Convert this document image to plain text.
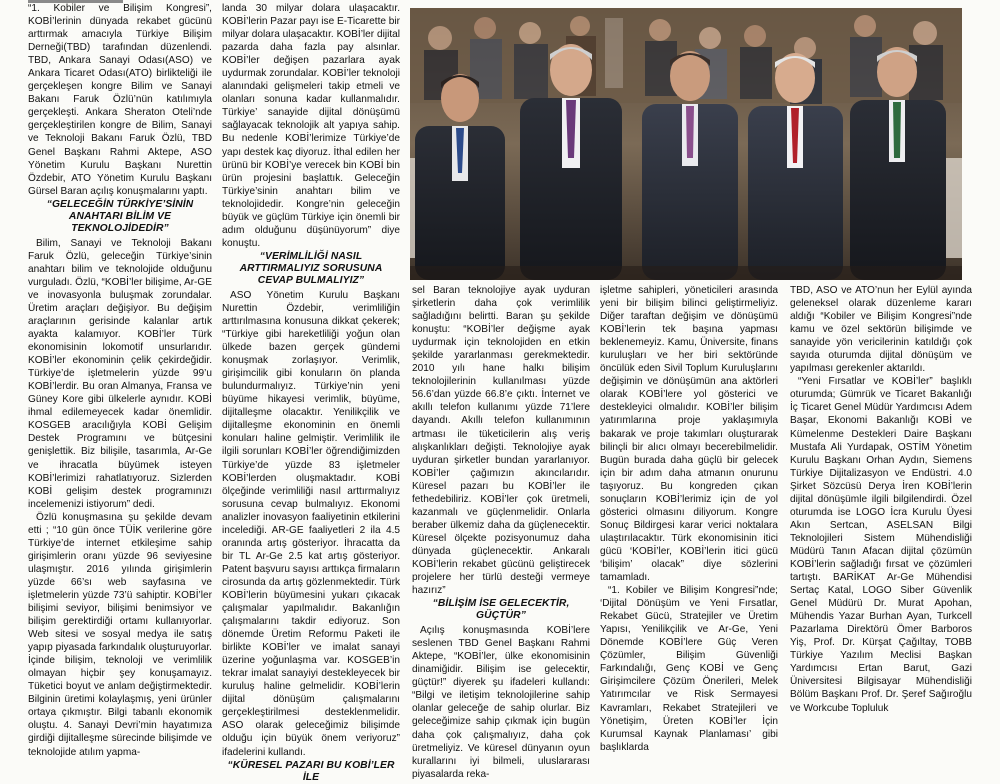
“1. Kobiler ve Bilişim Kongresi”, KOBİ’lerinin dünyada rekabet gücünü arttırmak amacıyla Türkiye Bilişim Derneği(TBD) tarafından düzenlendi. TBD, Ankara Sanayi Odası(ASO) ve Ankara Ticaret Odası(ATO) birlikteliği ile gerçekleşen kongre Bilim ve Sanayi Bakanı Faruk Özlü’nün katılımıyla gerçekleşti. Ankara Sheraton Oteli’nde gerçekleştirilen kongre de Bilim, Sanayi ve Teknoloji Bakanı Faruk Özlü, TBD Genel Başkanı Rahmi Aktepe, ASO Yönetim Kurulu Başkanı Nurettin Özdebir, ATO Yönetim Kurulu Başkanı Gürsel Baran açılış konuşmalarını yaptı.

“GELECEĞİN TÜRKİYE’SİNİN ANAHTARI BİLİM VE TEKNOLOJİDEDİR”

Bilim, Sanayi ve Teknoloji Bakanı Faruk Özlü, geleceğin Türkiye’sinin anahtarı bilim ve teknolojide olduğunu vurguladı. Özlü, “KOBİ’ler bilişime, Ar-GE ve inovasyonla buluşmak zorundalar. Üretim araçları değişiyor. Bu değişim araçlarının gerisinde kalanlar artık ayakta kalamıyor. KOBİ’ler Türk ekonomisinin lokomotif unsurlarıdır. KOBİ’ler ekonominin çelik çekirdeğidir. Türkiye’de işletmelerin yüzde 99’u KOBİ’lerdir. Bu oran Almanya, Fransa ve Güney Kore gibi ülkelerle aynıdır. KOBİ ihmal edilemeyecek kadar önemlidir. KOSGEB aracılığıyla KOBİ Gelişim Destek Programını ve bütçesini genişlettik. Biz bilişile, tasarımla, Ar-Ge ve ihracatla büyümek isteyen KOBİ’lerimizi rahatlatıyoruz. Sizlerden KOBİ gelişim destek programınızı incelemenizi istiyorum” dedi.

Özlü konuşmasına şu şekilde devam etti ; “10 gün önce TÜİK verilerine göre Türkiye’de internet etkileşime sahip girişimlerin oranı yüzde 96 seviyesine ulaşmıştır. 2016 yılında girişimlerin yüzde 66’sı web sayfasına ve işletmelerin yüzde 73’ü sahiptir. KOBİ’ler bilişimi seviyor, bilişimi benimsiyor ve bilişim gerektirdiği ortamı kullanıyorlar. Web sitesi ve sosyal medya ile satış yapıp piyasada farkındalık oluşturuyorlar. İçinde bilişim, teknoloji ve verimlilik olmayan hiçbir şey konuşamayız. Tüketici boyut ve anlam değiştirmektedir. Bilginin üretimi kolaylaşmış, yeni ürünler ortaya çıkmıştır. Bilgi tabanlı ekonomik oluştu. 4. Sanayi Devri’min hayatımıza girdiği dijitalleşme sürecinde bilişimde ve teknolojide atılım yapma-

landa 30 milyar dolara ulaşacaktır. KOBİ’lerin Pazar payı ise E-Ticarette bir milyar dolara ulaşacaktır. KOBİ’ler dijital pazarda daha fazla pay alsınlar. KOBİ’ler değişen pazarlara ayak uydurmak zorundalar. KOBİ’ler teknoloji alanındaki gelişmeleri takip etmeli ve olanları sonuna kadar kullanmalıdır. Türkiye’ sanayide dijital dönüşümü sağlayacak teknolojik alt yapıya sahip. Bu nedenle KOBİ’lerimize Türkiye’de yapı destek kaç diyoruz. İthal edilen her ürünü bir KOBİ’ye verecek bin KOBİ bin ürün projesini başlattık. Geleceğin Türkiye’sinin anahtarı bilim ve teknolojidedir. Kongre’nin geleceğin büyük ve güçlüm Türkiye için önemli bir adım olduğunu düşünüyorum” diye konuştu.

“VERİMLİLİĞİ NASIL ARTTIRMALIYIZ SORUSUNA CEVAP BULMALIYIZ”

ASO Yönetim Kurulu Başkanı Nurettin Özdebir, verimliliğin arttırılmasına konusuna dikkat çekerek; “Türkiye gibi hareketliliği yoğun olan ülkede bazen gerçek gündemi konuşmak zorlaşıyor. Verimlik, girişimcilik gibi konuların ön planda bulundurmalıyız. Türkiye’nin yeni büyüme hikayesi verimlik, büyüme, dijitalleşme olacaktır. Yenilikçilik ve dijitalleşme ekonominin en önemli konuları haline gelmiştir. Verimlilik ile ilgili sorunları KOBİ’ler öğrendiğimizden Türkiye’de yüzde 83 işletmeler KOBİ’lerden oluşmaktadır. KOBİ ölçeğinde verimliliği nasıl arttırmalıyız sorusuna cevap bulmalıyız. Ekonomi analizler inovasyon faaliyetinin etkilerini incelediği. AR-GE faaliyetleri 2 ila 4.5 oranında artış gösteriyor. İhracatta da bir TL Ar-Ge 2.5 kat artış gösteriyor. Patent başvuru sayısı arttıkça firmaların cirosunda da artış gözlenmektedir. Türk KOBİ’lerin büyümesini yukarı çıkacak çalışmalar yapılmalıdır. Bakanlığın çalışmalarını takdir ediyoruz. Son dönemde Üretim Reformu Paketi ile birlikte KOBİ’ler ve imalat sanayi üzerine yoğunlaşma var. KOSGEB’in tekrar imalat sanayiyi destekleyecek bir kuruluş haline gelmelidir. KOBİ’lerin dijital dönüşüm çalışmalarını gerçekleştirilmesi desteklenmelidir. ASO olarak geleceğimiz bilişimde olduğu için büyük önem veriyoruz” ifadelerini kullandı.

“KÜRESEL PAZARI BU KOBİ’LER İLE

sel Baran teknolojiye ayak uyduran şirketlerin daha çok verimlilik sağladığını belirtti. Baran şu şekilde konuştu: “KOBİ’ler değişme ayak uydurmak için teknolojiden en etkin şekilde yararlanması gerekmektedir. 2010 yılı hane halkı bilişim teknolojilerinin kullanılması yüzde 56.6’dan yüzde 66.8’e çıktı. İnternet ve akıllı telefon kullanımı yüzde 71’lere dayandı. Akıllı telefon kullanımının artması ile tüketicilerin alış veriş alışkanlıkları değişti. Teknolojiye ayak uyduran şirketler bundan yararlanıyor. KOBİ’ler çağımızın akıncılarıdır. Küresel pazarı bu KOBİ’ler ile fethedebiliriz. KOBİ’ler çok üretmeli, kazanmalı ve güçlenmelidir. Onlarla beraber ülkemiz daha da güçlenecektir. Küresel ölçekte pozisyonumuz daha dünyada güçlenecektir. Ankaralı KOBİ’lerin rekabet gücünü geliştirecek projelere her türlü desteği vermeye hazırız”

“BİLİŞİM İSE GELECEKTİR, GÜÇTÜR”

Açılış konuşmasında KOBİ’lere seslenen TBD Genel Başkanı Rahmi Aktepe, “KOBİ’ler, ülke ekonomisinin dinamiğidir. Bilişim ise gelecektir, güçtür!” diyerek şu ifadeleri kullandı: “Bilgi ve iletişim teknolojilerine sahip olanlar geleceğe de sahip olurlar. Biz geleceğimize sahip çıkmak için bugün daha çok çalışmalıyız, daha çok üretmeliyiz. Ve küresel dünyanın oyun kurallarını iyi bilmeli, uluslararası piyasalarda reka-

işletme sahipleri, yöneticileri arasında yeni bir bilişim bilinci geliştirmeliyiz. Diğer taraftan değişim ve dönüşümü KOBİ’lerin tek başına yapması beklenemeyiz. Kamu, Üniversite, finans kuruluşları ve her biri sektöründe öncülük eden Sivil Toplum Kuruluşlarını değişimin ve dönüşümün ana aktörleri olarak KOBİ’lere yol gösterici ve destekleyici olmalıdır. KOBİ’ler bilişim yatırımlarına proje yaklaşımıyla bakarak ve proje takımları oluşturarak bilinçli bir alıcı olmayı becerebilmelidir. Bugün burada daha güçlü bir gelecek için bir adım daha atmanın onurunu taşıyoruz. Bu kongreden çıkan sonuçların KOBİ’lerimiz için de yol gösterici olmasını diliyorum. Kongre Sonuç Bildirgesi karar verici noktalara ulaştırılacaktır. Türk ekonomisinin itici gücü ‘KOBİ’ler, KOBİ’lerin itici gücü ‘bilişim’ olacak” diye sözlerini tamamladı.

“1. Kobiler ve Bilişim Kongresi”nde; ‘Dijital Dönüşüm ve Yeni Fırsatlar, Rekabet Gücü, Stratejiler ve Üretim Yapısı, Yenilikçilik ve Ar-Ge, Yeni Dönemde KOBİ’lere Güç Veren Çözümler, Bilişim Güvenliği Farkındalığı, Genç KOBİ ve Genç Girişimcilere Çözüm Önerileri, Melek Yatırımcılar ve Risk Sermayesi Kavramları, Rekabet Stratejileri ve Yönetişim, Üreten KOBİ’ler İçin Kurumsal Kaynak Planlaması’ gibi başlıklarda

TBD, ASO ve ATO’nun her Eylül ayında geleneksel olarak düzenleme kararı aldığı “Kobiler ve Bilişim Kongresi”nde kamu ve özel sektörün bilişimde ve sanayide yön vericilerinin katıldığı çok sayıda oturumda dijital dönüşüm ve yapılması gerekenler aktarıldı.

“Yeni Fırsatlar ve KOBİ’ler” başlıklı oturumda; Gümrük ve Ticaret Bakanlığı İç Ticaret Genel Müdür Yardımcısı Adem Başar, Ekonomi Bakanlığı KOBİ ve Kümelenme Destekleri Daire Başkanı Mustafa Ali Yurdapak, OSTİM Yönetim Kurulu Başkanı Orhan Aydın, Siemens Türkiye Dijitalizasyon ve Endüstri. 4.0 Şirket Sözcüsü Derya İren KOBİ’lerin dijital dönüşümle ilgili bilgilendirdi. Özel oturumda ise LOGO İcra Kurulu Üyesi Akın Sertcan, ASELSAN Bilgi Teknolojileri Sistem Mühendisliği Müdürü Tanın Afacan dijital çözümün KOBİ’lerin sağladığı fırsat ve çözümleri tartıştı. BARİKAT Ar-Ge Mühendisi Sertaç Katal, LOGO Siber Güvenlik Genel Müdürü Dr. Murat Apohan, Mühendis Yazar Burhan Ayan, Turkcell Pazarlama Direktörü Ömer Barboros Yiş, Prof. Dr. Kürşat Çağıltay, TOBB Türkiye Yazılım Meclisi Başkan Yardımcısı Ertan Barut, Gazi Üniversitesi Bilgisayar Mühendisliği Bölüm Başkanı Prof. Dr. Şeref Sağıroğlu ve Workcube Topluluk
